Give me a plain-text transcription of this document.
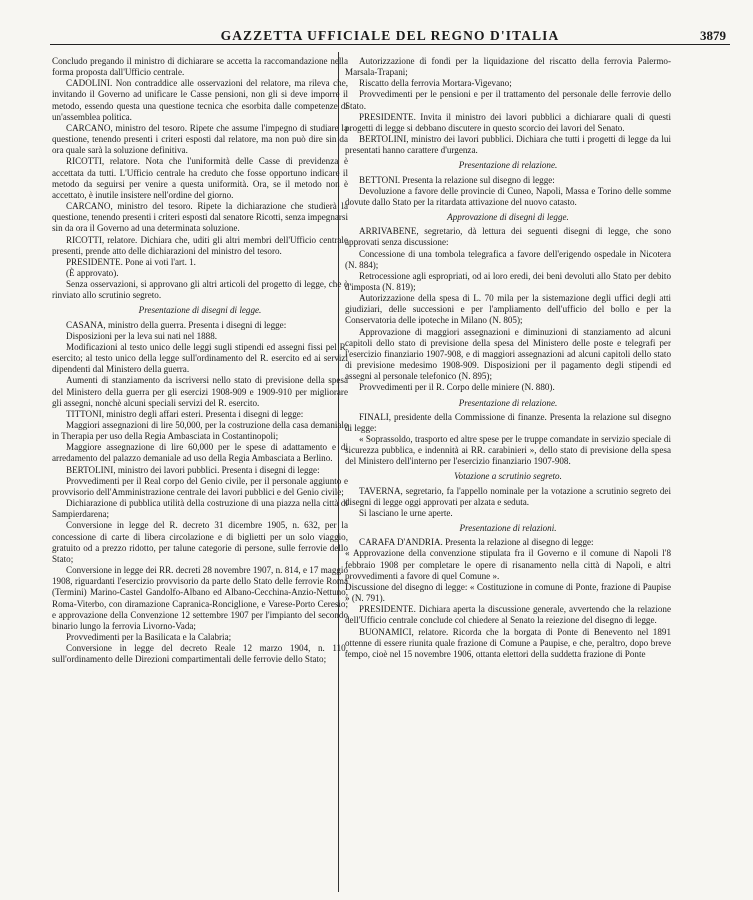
GAZZETTA UFFICIALE DEL REGNO D'ITALIA	3879

Concludo pregando il ministro di dichiarare se accetta la raccomandazione nella forma proposta dall'Ufficio centrale.

CADOLINI. Non contraddice alle osservazioni del relatore, ma rileva che, invitando il Governo ad unificare le Casse pensioni, non gli si deve imporre il metodo, essendo questa una questione tecnica che esorbita dalle competenze di un'assemblea politica.

CARCANO, ministro del tesoro. Ripete che assume l'impegno di studiare la questione, tenendo presenti i criteri esposti dal relatore, ma non può dire sin da ora quale sarà la soluzione definitiva.

RICOTTI, relatore. Nota che l'uniformità delle Casse di previdenza è accettata da tutti. L'Ufficio centrale ha creduto che fosse opportuno indicare il metodo da seguirsi per venire a questa uniformità. Ora, se il metodo non è accettato, è inutile insistere nell'ordine del giorno.

CARCANO, ministro del tesoro. Ripete la dichiarazione che studierà la questione, tenendo presenti i criteri esposti dal senatore Ricotti, senza impegnarsi sin da ora il Governo ad una determinata soluzione.

RICOTTI, relatore. Dichiara che, uditi gli altri membri dell'Ufficio centrale presenti, prende atto delle dichiarazioni del ministro del tesoro.

PRESIDENTE. Pone ai voti l'art. 1.

(È approvato).

Senza osservazioni, si approvano gli altri articoli del progetto di legge, che è rinviato allo scrutinio segreto.

Presentazione di disegni di legge.

CASANA, ministro della guerra. Presenta i disegni di legge:

Disposizioni per la leva sui nati nel 1888.

Modificazioni al testo unico delle leggi sugli stipendi ed assegni fissi pel R. esercito; al testo unico della legge sull'ordinamento del R. esercito ed ai servizi dipendenti dal Ministero della guerra.

Aumenti di stanziamento da iscriversi nello stato di previsione della spesa del Ministero della guerra per gli esercizi 1908-909 e 1909-910 per migliorare gli assegni, nonchè alcuni speciali servizi del R. esercito.

TITTONI, ministro degli affari esteri. Presenta i disegni di legge:

Maggiori assegnazioni di lire 50,000, per la costruzione della casa demaniale in Therapia per uso della Regia Ambasciata in Costantinopoli;

Maggiore assegnazione di lire 60,000 per le spese di adattamento e di arredamento del palazzo demaniale ad uso della Regia Ambasciata a Berlino.

BERTOLINI, ministro dei lavori pubblici. Presenta i disegni di legge:

Provvedimenti per il Real corpo del Genio civile, per il personale aggiunto e provvisorio dell'Amministrazione centrale dei lavori pubblici e del Genio civile;

Dichiarazione di pubblica utilità della costruzione di una piazza nella città di Sampierdarena;

Conversione in legge del R. decreto 31 dicembre 1905, n. 632, per la concessione di carte di libera circolazione e di biglietti per un solo viaggio, gratuito od a prezzo ridotto, per talune categorie di persone, sulle ferrovie dello Stato;

Conversione in legge dei RR. decreti 28 novembre 1907, n. 814, e 17 maggio 1908, riguardanti l'esercizio provvisorio da parte dello Stato delle ferrovie Roma (Termini) Marino-Castel Gandolfo-Albano ed Albano-Cecchina-Anzio-Nettuno, Roma-Viterbo, con diramazione Capranica-Ronciglione, e Varese-Porto Ceresio; e approvazione della Convenzione 12 settembre 1907 per l'impianto del secondo binario lungo la ferrovia Livorno-Vada;

Provvedimenti per la Basilicata e la Calabria;

Conversione in legge del decreto Reale 12 marzo 1904, n. 110, sull'ordinamento delle Direzioni compartimentali delle ferrovie dello Stato;

Autorizzazione di fondi per la liquidazione del riscatto della ferrovia Palermo-Marsala-Trapani;

Riscatto della ferrovia Mortara-Vigevano;

Provvedimenti per le pensioni e per il trattamento del personale delle ferrovie dello Stato.

PRESIDENTE. Invita il ministro dei lavori pubblici a dichiarare quali di questi progetti di legge si debbano discutere in questo scorcio dei lavori del Senato.

BERTOLINI, ministro dei lavori pubblici. Dichiara che tutti i progetti di legge da lui presentati hanno carattere d'urgenza.

Presentazione di relazione.

BETTONI. Presenta la relazione sul disegno di legge:

Devoluzione a favore delle provincie di Cuneo, Napoli, Massa e Torino delle somme dovute dallo Stato per la ritardata attivazione del nuovo catasto.

Approvazione di disegni di legge.

ARRIVABENE, segretario, dà lettura dei seguenti disegni di legge, che sono approvati senza discussione:

Concessione di una tombola telegrafica a favore dell'erigendo ospedale in Nicotera (N. 884);

Retrocessione agli espropriati, od ai loro eredi, dei beni devoluti allo Stato per debito d'imposta (N. 819);

Autorizzazione della spesa di L. 70 mila per la sistemazione degli uffici degli atti giudiziari, delle successioni e per l'ampliamento dell'ufficio del bollo e per la Conservatoria delle ipoteche in Milano (N. 805);

Approvazione di maggiori assegnazioni e diminuzioni di stanziamento ad alcuni capitoli dello stato di previsione della spesa del Ministero delle poste e telegrafi per l'esercizio finanziario 1907-908, e di maggiori assegnazioni ad alcuni capitoli dello stato di previsione medesimo 1908-909. Disposizioni per il pagamento degli stipendi ed assegni al personale telefonico (N. 895);

Provvedimenti per il R. Corpo delle miniere (N. 880).

Presentazione di relazione.

FINALI, presidente della Commissione di finanze. Presenta la relazione sul disegno di legge:

« Soprassoldo, trasporto ed altre spese per le truppe comandate in servizio speciale di sicurezza pubblica, e indennità ai RR. carabinieri », dello stato di previsione della spesa del Ministero dell'interno per l'esercizio finanziario 1907-908.

Votazione a scrutinio segreto.

TAVERNA, segretario, fa l'appello nominale per la votazione a scrutinio segreto dei disegni di legge oggi approvati per alzata e seduta.

Si lasciano le urne aperte.

Presentazione di relazioni.

CARAFA D'ANDRIA. Presenta la relazione al disegno di legge:

« Approvazione della convenzione stipulata fra il Governo e il comune di Napoli l'8 febbraio 1908 per completare le opere di risanamento nella città di Napoli, e altri provvedimenti a favore di quel Comune ».

Discussione del disegno di legge: « Costituzione in comune di Ponte, frazione di Paupise » (N. 791).

PRESIDENTE. Dichiara aperta la discussione generale, avvertendo che la relazione dell'Ufficio centrale conclude col chiedere al Senato la reiezione del disegno di legge.

BUONAMICI, relatore. Ricorda che la borgata di Ponte di Benevento nel 1891 ottenne di essere riunita quale frazione di Comune a Paupise, e che, peraltro, dopo breve tempo, cioè nel 15 novembre 1906, ottanta elettori della suddetta frazione di Ponte
